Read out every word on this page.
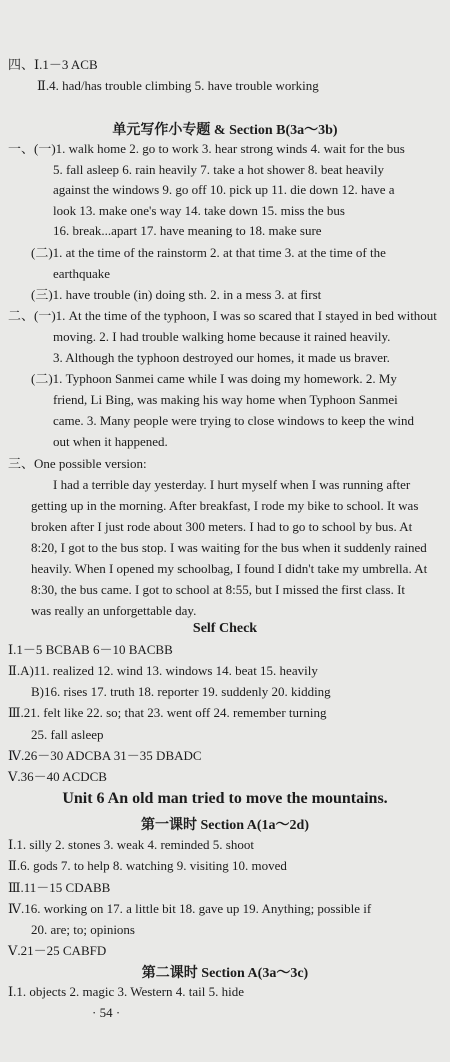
四、Ⅰ.1－3 ACB
Ⅱ.4. had/has trouble climbing 5. have trouble working
单元写作小专题 & Section B(3a～3b)
一、(一)1. walk home 2. go to work 3. hear strong winds 4. wait for the bus
5. fall asleep 6. rain heavily 7. take a hot shower 8. beat heavily
against the windows 9. go off 10. pick up 11. die down 12. have a
look 13. make one's way 14. take down 15. miss the bus
16. break...apart 17. have meaning to 18. make sure
(二)1. at the time of the rainstorm 2. at that time 3. at the time of the
earthquake
(三)1. have trouble (in) doing sth. 2. in a mess 3. at first
二、(一)1. At the time of the typhoon, I was so scared that I stayed in bed without
moving. 2. I had trouble walking home because it rained heavily.
3. Although the typhoon destroyed our homes, it made us braver.
(二)1. Typhoon Sanmei came while I was doing my homework. 2. My
friend, Li Bing, was making his way home when Typhoon Sanmei
came. 3. Many people were trying to close windows to keep the wind
out when it happened.
三、One possible version:
I had a terrible day yesterday. I hurt myself when I was running after
getting up in the morning. After breakfast, I rode my bike to school. It was
broken after I just rode about 300 meters. I had to go to school by bus. At
8:20, I got to the bus stop. I was waiting for the bus when it suddenly rained
heavily. When I opened my schoolbag, I found I didn't take my umbrella. At
8:30, the bus came. I got to school at 8:55, but I missed the first class. It
was really an unforgettable day.
Self Check
Ⅰ.1－5 BCBAB 6－10 BACBB
Ⅱ.A)11. realized 12. wind 13. windows 14. beat 15. heavily
B)16. rises 17. truth 18. reporter 19. suddenly 20. kidding
Ⅲ.21. felt like 22. so; that 23. went off 24. remember turning
25. fall asleep
Ⅳ.26－30 ADCBA 31－35 DBADC
Ⅴ.36－40 ACDCB
Unit 6 An old man tried to move the mountains.
第一课时 Section A(1a～2d)
Ⅰ.1. silly 2. stones 3. weak 4. reminded 5. shoot
Ⅱ.6. gods 7. to help 8. watching 9. visiting 10. moved
Ⅲ.11－15 CDABB
Ⅳ.16. working on 17. a little bit 18. gave up 19. Anything; possible if
20. are; to; opinions
Ⅴ.21－25 CABFD
第二课时 Section A(3a～3c)
Ⅰ.1. objects 2. magic 3. Western 4. tail 5. hide
· 54 ·
